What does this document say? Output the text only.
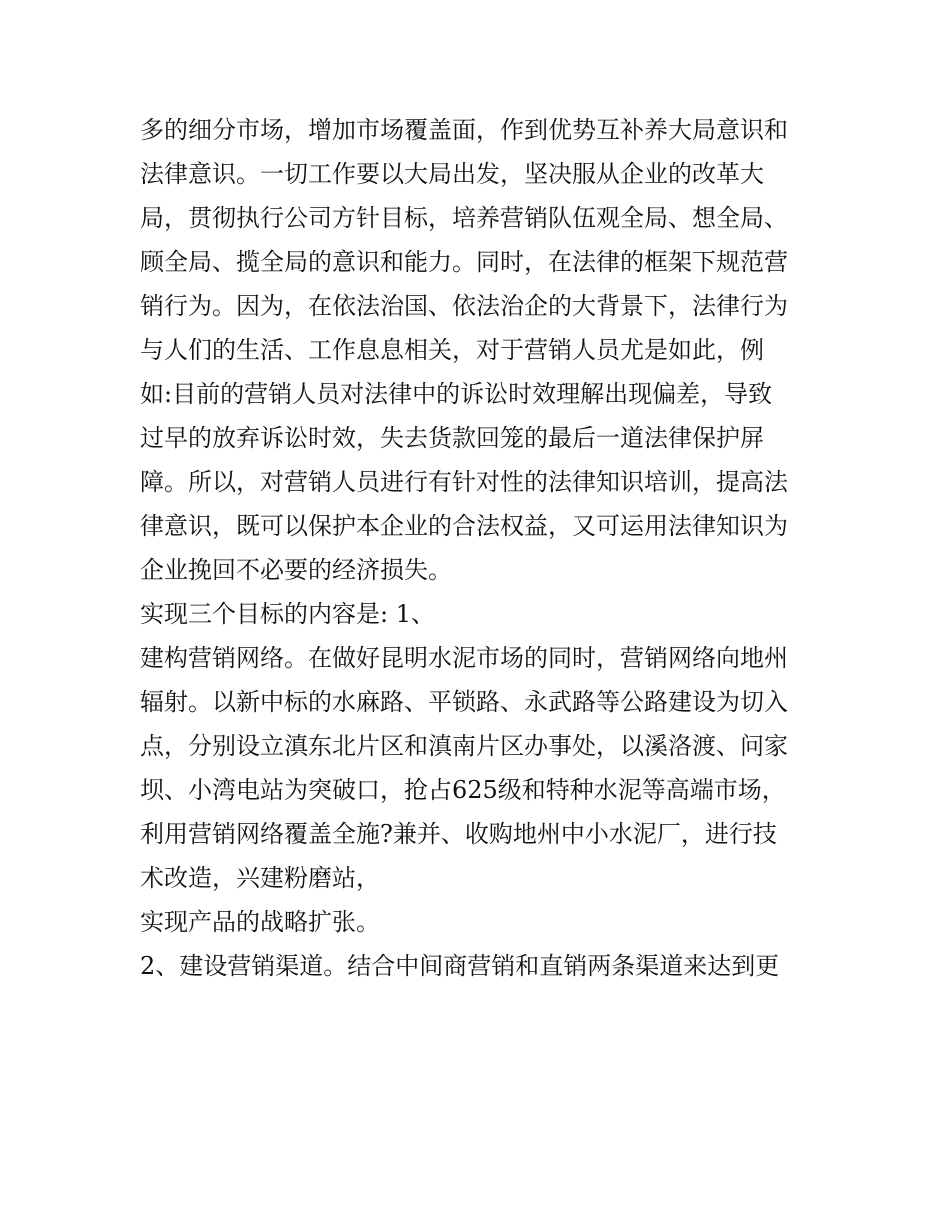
多的细分市场，增加市场覆盖面，作到优势互补养大局意识和
法律意识。一切工作要以大局出发，坚决服从企业的改革大
局，贯彻执行公司方针目标，培养营销队伍观全局、想全局、
顾全局、揽全局的意识和能力。同时，在法律的框架下规范营
销行为。因为，在依法治国、依法治企的大背景下，法律行为
与人们的生活、工作息息相关，对于营销人员尤是如此，例
如:目前的营销人员对法律中的诉讼时效理解出现偏差，导致
过早的放弃诉讼时效，失去货款回笼的最后一道法律保护屏
障。所以，对营销人员进行有针对性的法律知识培训，提高法
律意识，既可以保护本企业的合法权益，又可运用法律知识为
企业挽回不必要的经济损失。
实现三个目标的内容是: 1、
建构营销网络。在做好昆明水泥市场的同时，营销网络向地州
辐射。以新中标的水麻路、平锁路、永武路等公路建设为切入
点，分别设立滇东北片区和滇南片区办事处，以溪洛渡、问家
坝、小湾电站为突破口，抢占625级和特种水泥等高端市场，
利用营销网络覆盖全施?兼并、收购地州中小水泥厂，进行技
术改造，兴建粉磨站，
实现产品的战略扩张。
2、建设营销渠道。结合中间商营销和直销两条渠道来达到更
